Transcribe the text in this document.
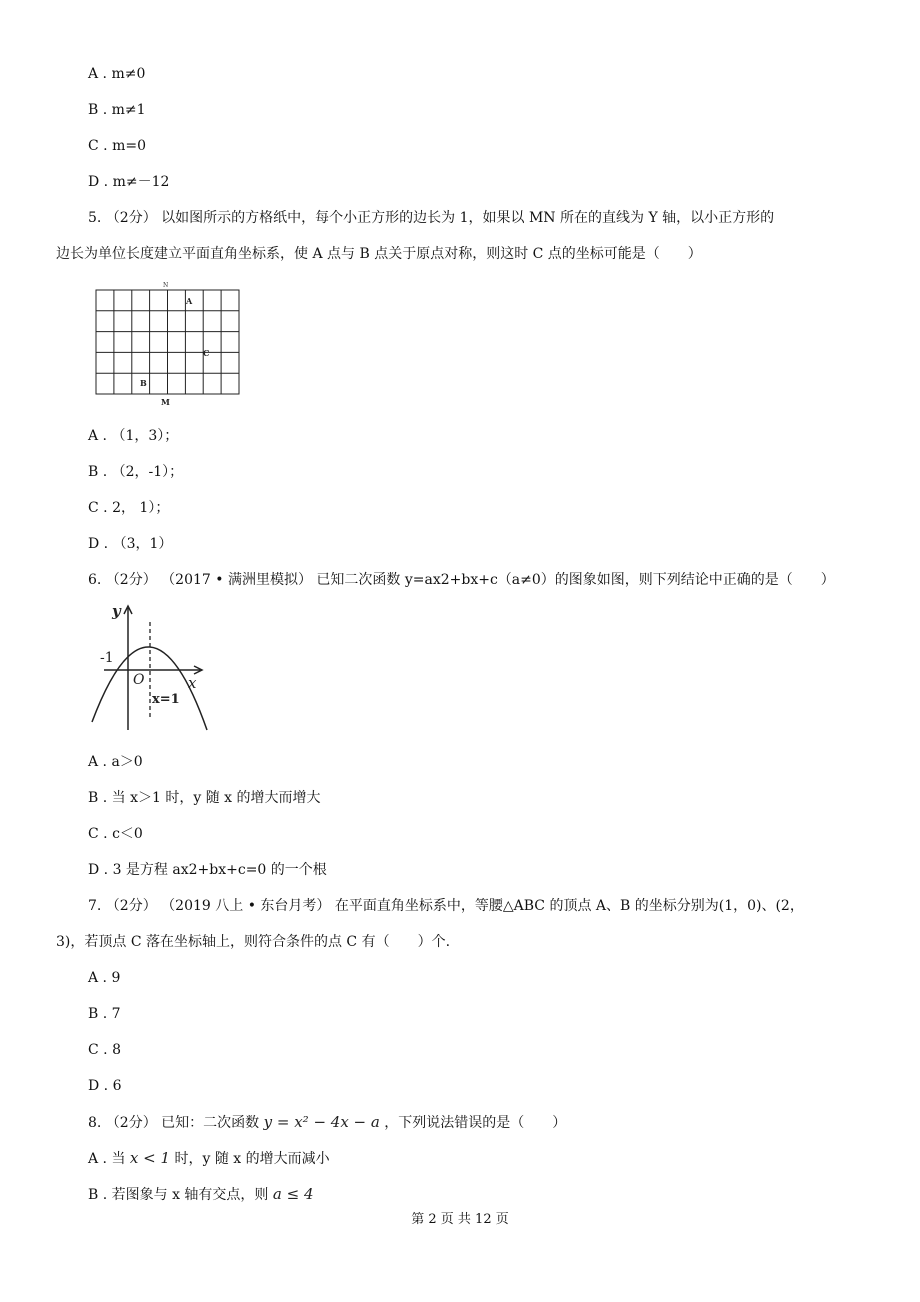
A . m≠0
B . m≠1
C . m=0
D . m≠－12
5. （2分） 以如图所示的方格纸中，每个小正方形的边长为 1，如果以 MN 所在的直线为 Y 轴，以小正方形的
边长为单位长度建立平面直角坐标系，使 A 点与 B 点关于原点对称，则这时 C 点的坐标可能是（　　）
N
A
C
B
M
A . （1，3）；
B . （2，-1）；
C . 2， 1）；
D . （3，1）
6. （2分） （2017 • 满洲里模拟） 已知二次函数 y=ax2+bx+c（a≠0）的图象如图，则下列结论中正确的是（　　）
y
x
O
-1
x=1
A . a＞0
B . 当 x＞1 时，y 随 x 的增大而增大
C . c＜0
D . 3 是方程 ax2+bx+c=0 的一个根
7. （2分） （2019 八上 • 东台月考） 在平面直角坐标系中，等腰△ABC 的顶点 A、B 的坐标分别为(1，0)、(2，
3)，若顶点 C 落在坐标轴上，则符合条件的点 C 有（　　）个.
A . 9
B . 7
C . 8
D . 6
8. （2分） 已知：二次函数 y = x² − 4x − a ，下列说法错误的是（　　）
A . 当 x < 1 时，y 随 x 的增大而减小
B . 若图象与 x 轴有交点，则 a ≤ 4
第 2 页 共 12 页
